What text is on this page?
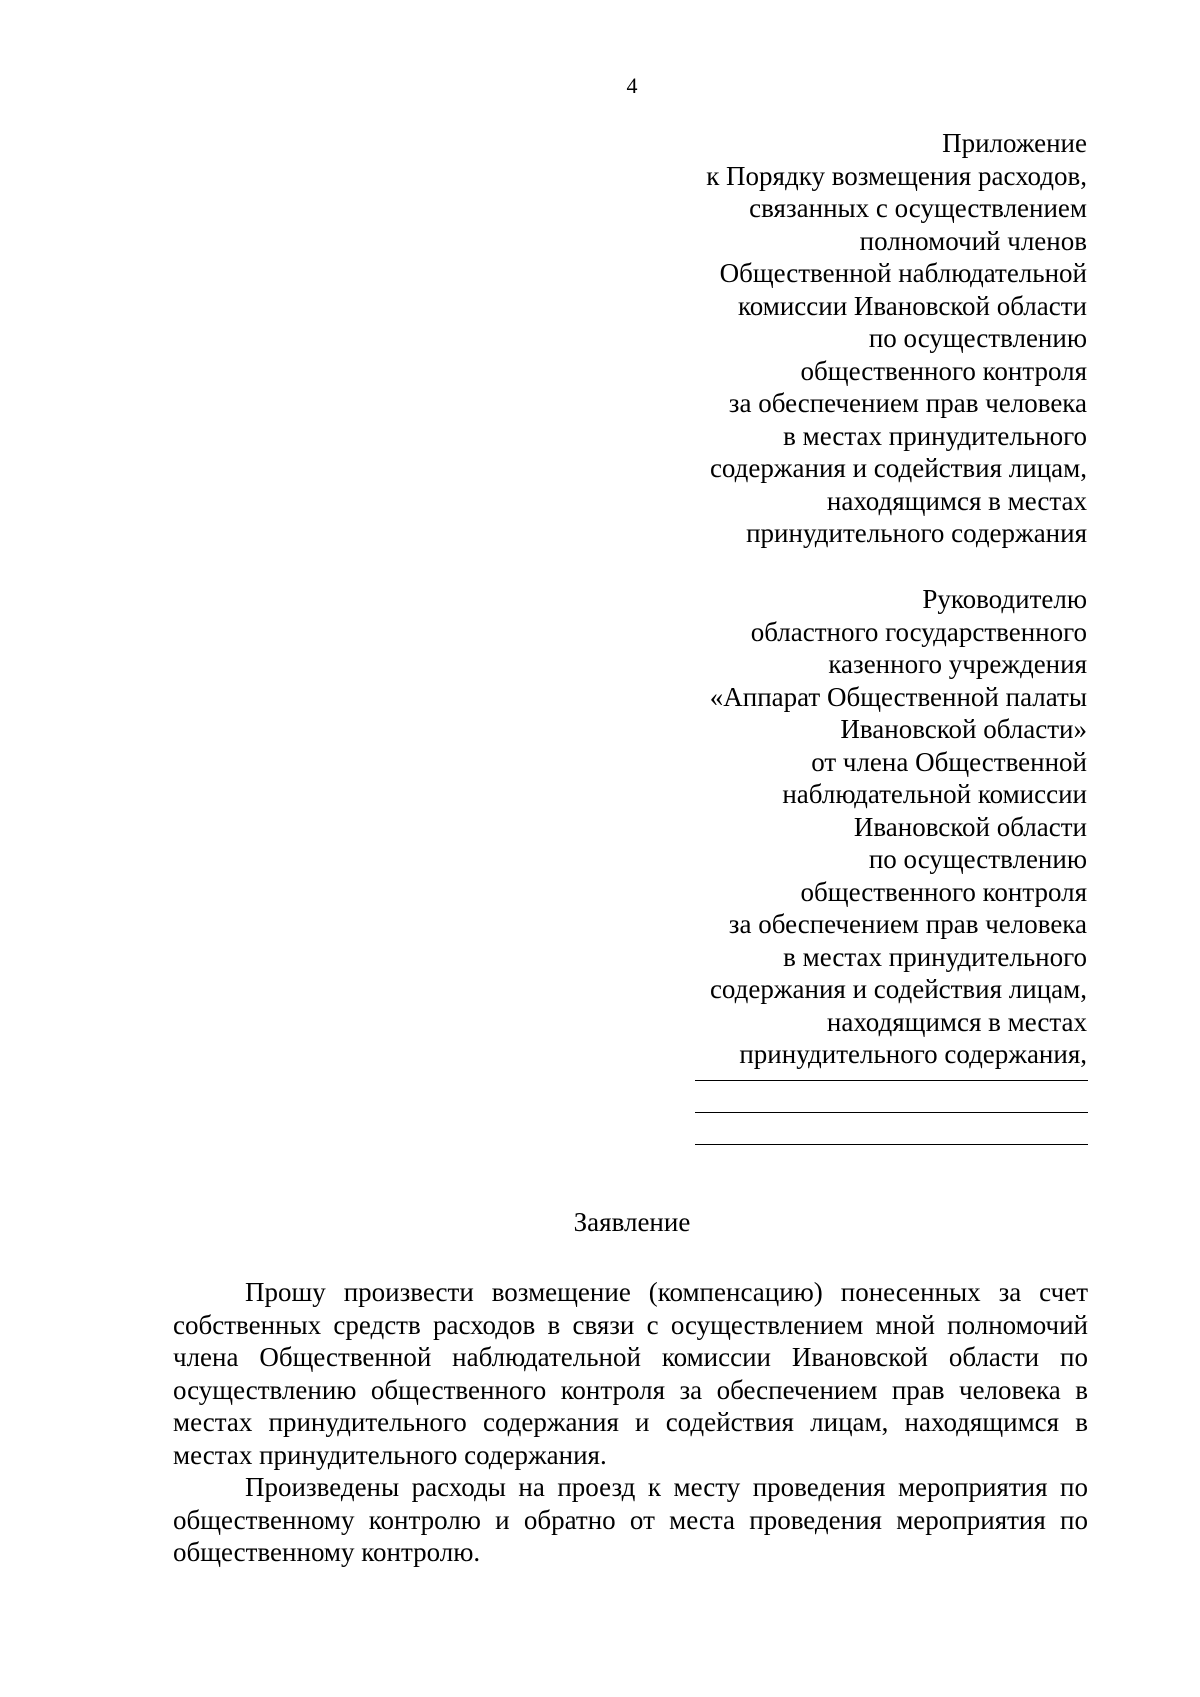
4
Приложение
к Порядку возмещения расходов,
связанных с осуществлением
полномочий членов
Общественной наблюдательной
комиссии Ивановской области
по осуществлению
общественного контроля
за обеспечением прав человека
в местах принудительного
содержания и содействия лицам,
находящимся в местах
принудительного содержания
Руководителю
областного государственного
казенного учреждения
«Аппарат Общественной палаты
Ивановской области»
от члена Общественной
наблюдательной комиссии
Ивановской области
по осуществлению
общественного контроля
за обеспечением прав человека
в местах принудительного
содержания и содействия лицам,
находящимся в местах
принудительного содержания,
Заявление

Прошу произвести возмещение (компенсацию) понесенных за счет собственных средств расходов в связи с осуществлением мной полномочий члена Общественной наблюдательной комиссии Ивановской области по осуществлению общественного контроля за обеспечением прав человека в местах принудительного содержания и содействия лицам, находящимся в местах принудительного содержания.

Произведены расходы на проезд к месту проведения мероприятия по общественному контролю и обратно от места проведения мероприятия по общественному контролю.
